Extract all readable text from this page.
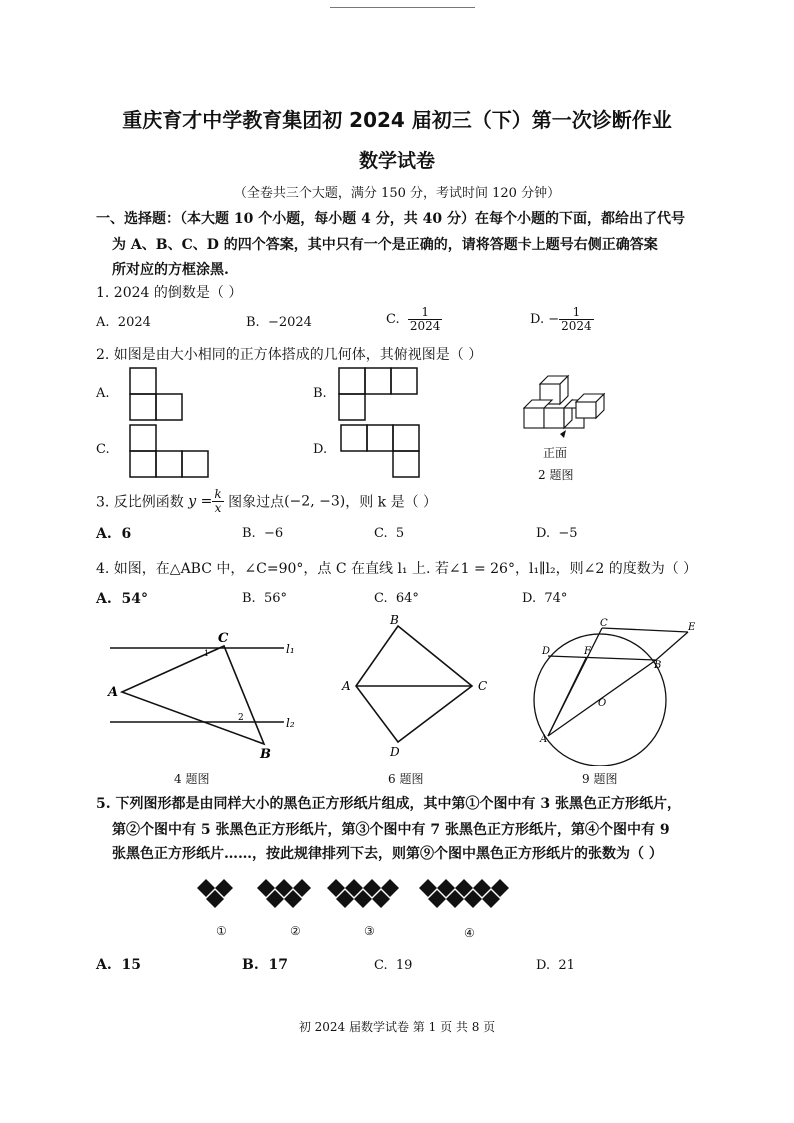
重庆育才中学教育集团初 2024 届初三（下）第一次诊断作业
数学试卷
（全卷共三个大题，满分 150 分，考试时间 120 分钟）
一、选择题：（本大题 10 个小题，每小题 4 分，共 40 分）在每个小题的下面，都给出了代号
为 A、B、C、D 的四个答案，其中只有一个是正确的，请将答题卡上题号右侧正确答案
所对应的方框涂黑.
1. 2024 的倒数是（ ）
A. 2024	B. −2024	C. $\frac{1}{2024}$	D. − $\frac{1}{2024}$
2. 如图是由大小相同的正方体搭成的几何体，其俯视图是（ ）
A.	B.
C.	D.	正面
2 题图
3. 反比例函数 $y = \frac{k}{x}$ 图象过点(−2, −3)，则 k 是（ ）
A. 6	B. −6	C. 5	D. −5
4. 如图，在△ABC 中，∠C=90°，点 C 在直线 l₁ 上. 若∠1 = 26°，l₁∥l₂，则∠2 的度数为（ ）
A. 54°	B. 56°	C. 64°	D. 74°
C
A
B
l₁
l₂
1
2
4 题图
B
A	C
D
6 题图
C	E
D	F
B
O
A
9 题图
5. 下列图形都是由同样大小的黑色正方形纸片组成，其中第①个图中有 3 张黑色正方形纸片，
第②个图中有 5 张黑色正方形纸片，第③个图中有 7 张黑色正方形纸片，第④个图中有 9
张黑色正方形纸片……，按此规律排列下去，则第⑨个图中黑色正方形纸片的张数为（ ）
①	②	③	④
A. 15	B. 17	C. 19	D. 21
初 2024 届数学试卷 第 1 页 共 8 页
